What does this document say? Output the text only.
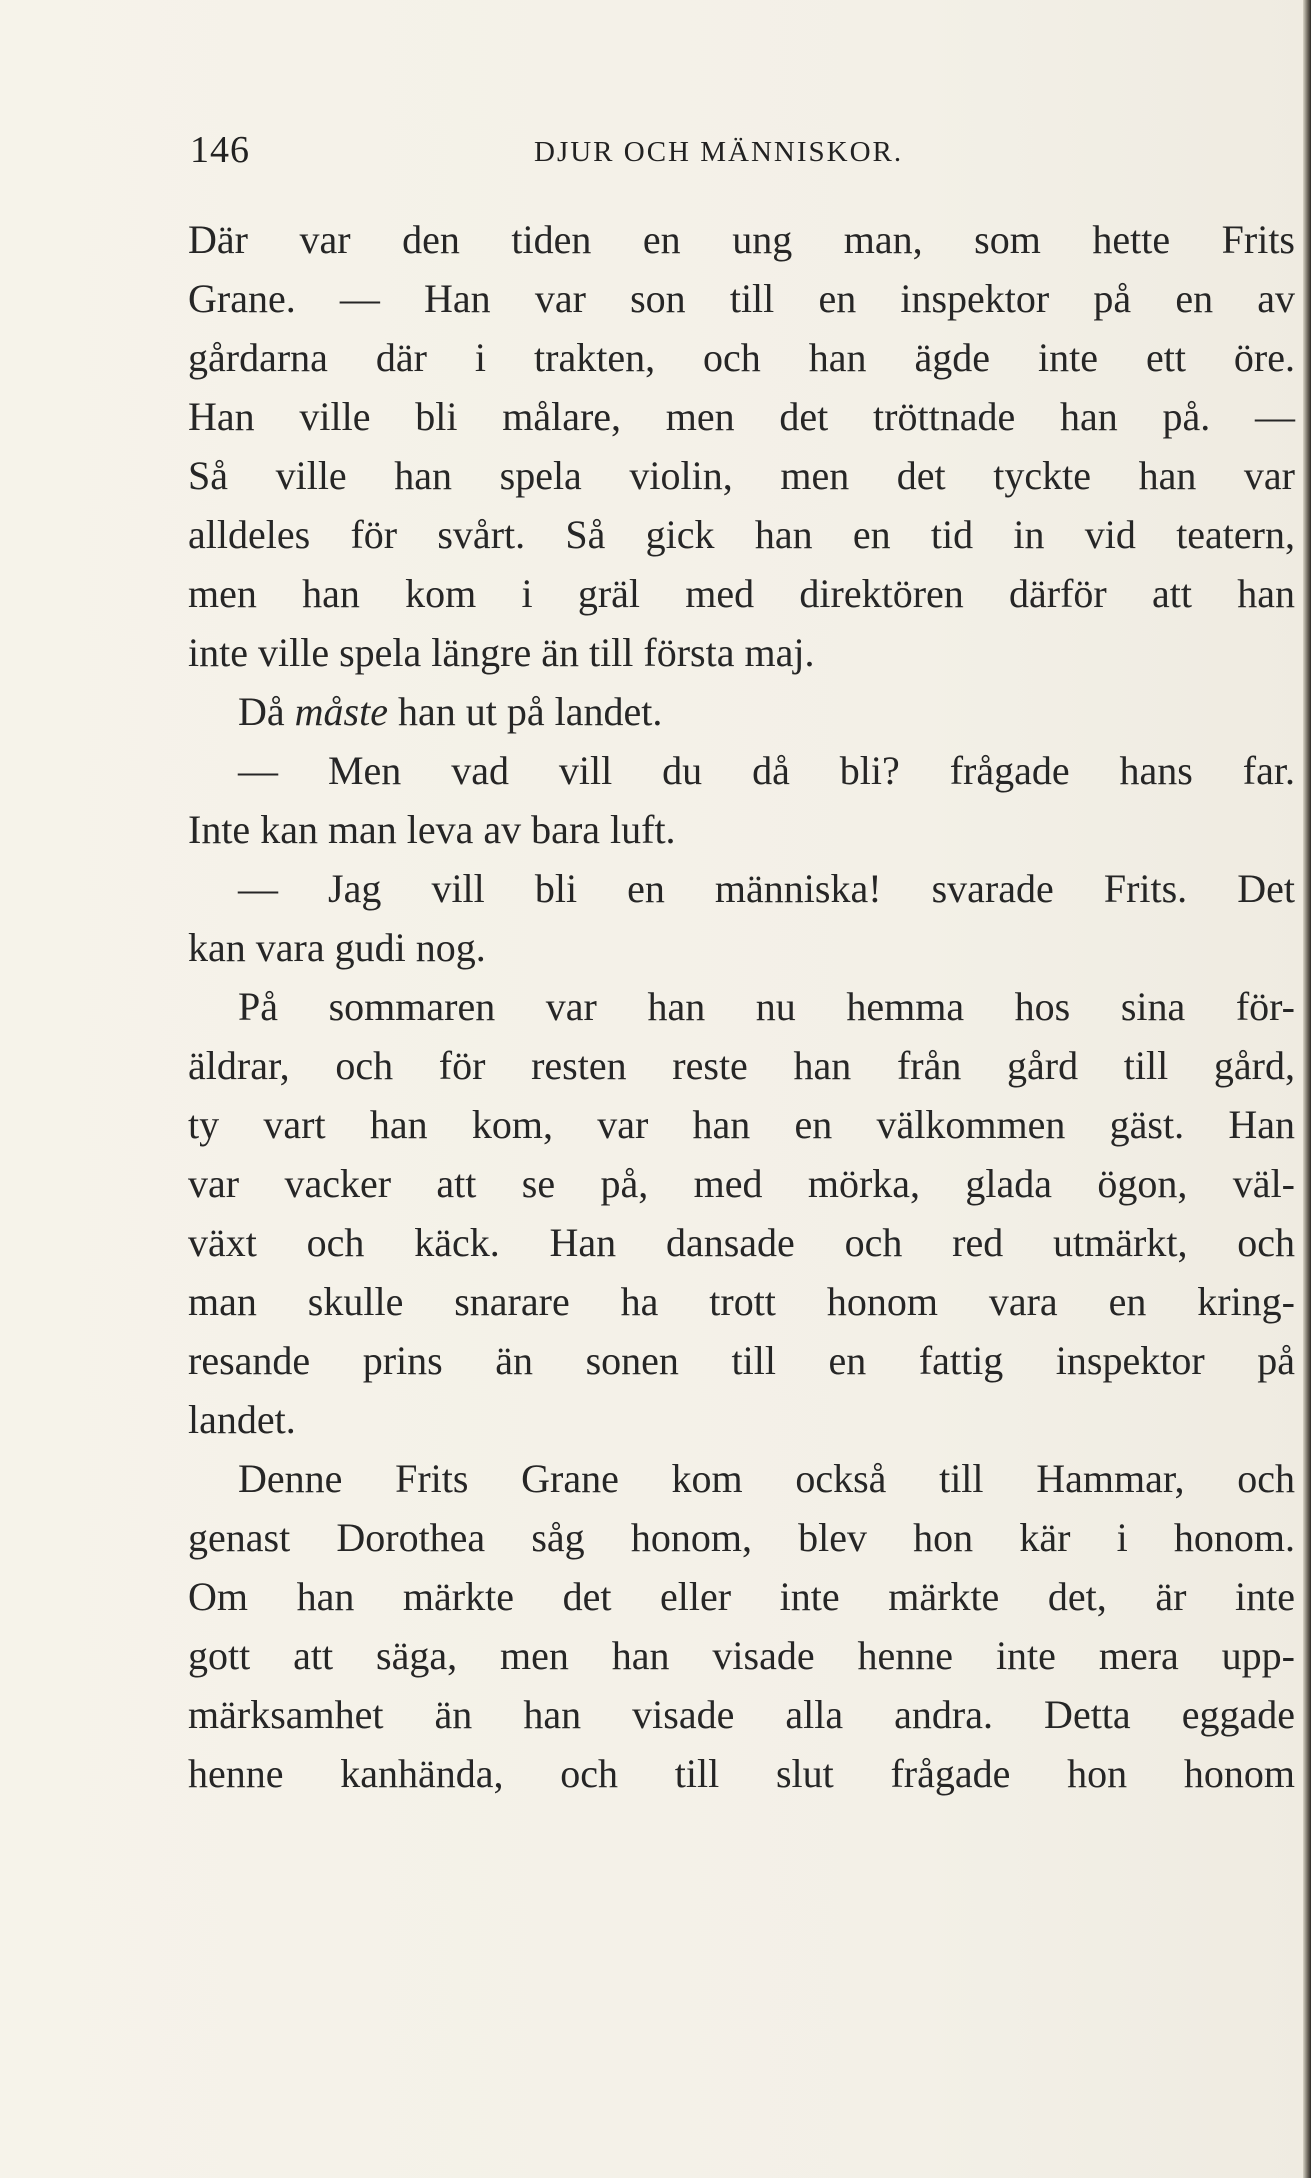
146	DJUR OCH MÄNNISKOR.
Där var den tiden en ung man, som hette Frits
Grane. — Han var son till en inspektor på en av
gårdarna där i trakten, och han ägde inte ett öre.
Han ville bli målare, men det tröttnade han på. —
Så ville han spela violin, men det tyckte han var
alldeles för svårt. Så gick han en tid in vid teatern,
men han kom i gräl med direktören därför att han
inte ville spela längre än till första maj.
Då måste han ut på landet.
— Men vad vill du då bli? frågade hans far.
Inte kan man leva av bara luft.
— Jag vill bli en människa! svarade Frits. Det
kan vara gudi nog.
På sommaren var han nu hemma hos sina för-
äldrar, och för resten reste han från gård till gård,
ty vart han kom, var han en välkommen gäst. Han
var vacker att se på, med mörka, glada ögon, väl-
växt och käck. Han dansade och red utmärkt, och
man skulle snarare ha trott honom vara en kring-
resande prins än sonen till en fattig inspektor på
landet.
Denne Frits Grane kom också till Hammar, och
genast Dorothea såg honom, blev hon kär i honom.
Om han märkte det eller inte märkte det, är inte
gott att säga, men han visade henne inte mera upp-
märksamhet än han visade alla andra. Detta eggade
henne kanhända, och till slut frågade hon honom
